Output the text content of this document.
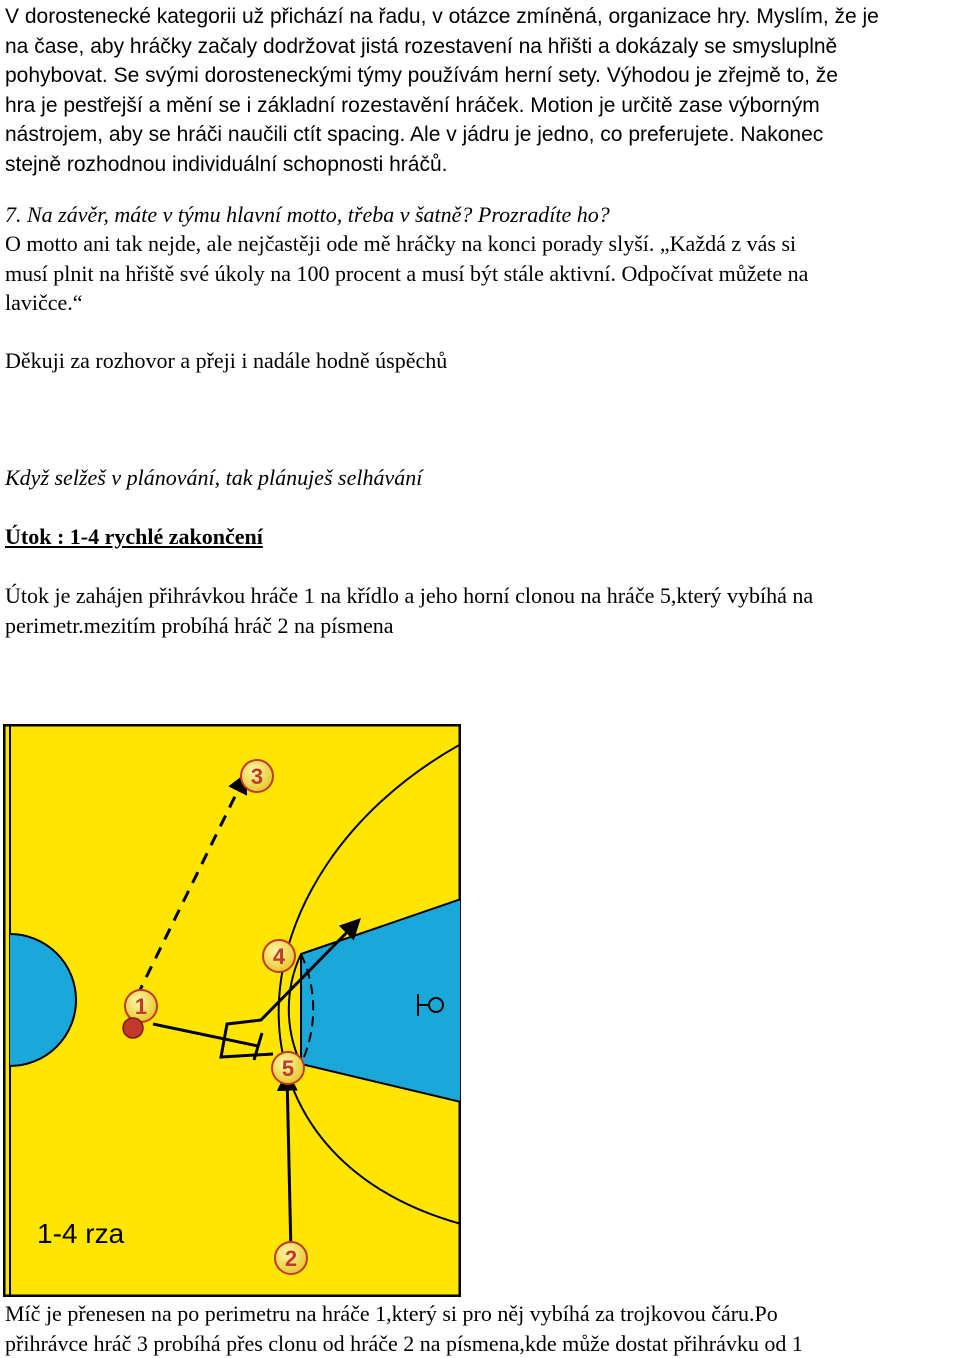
V dorostenecké kategorii už přichází na řadu, v otázce zmíněná, organizace hry. Myslím, že je
na čase, aby hráčky začaly dodržovat jistá rozestavení na hřišti a dokázaly se smysluplně
pohybovat. Se svými dorosteneckými týmy používám herní sety. Výhodou je zřejmě to, že
hra je pestřejší a mění se i základní rozestavění hráček. Motion je určitě zase výborným
nástrojem, aby se hráči naučili ctít spacing. Ale v jádru je jedno, co preferujete. Nakonec
stejně rozhodnou individuální schopnosti hráčů.
7. Na závěr, máte v týmu hlavní motto, třeba v šatně? Prozradíte ho?
O motto ani tak nejde, ale nejčastěji ode mě hráčky na konci porady slyší. „Každá z vás si
musí plnit na hřiště své úkoly na 100 procent a musí být stále aktivní. Odpočívat můžete na
lavičce.“
Děkuji za rozhovor a přeji i nadále hodně úspěchů
Když selžeš v plánování, tak plánuješ selhávání
Útok : 1-4 rychlé zakončení
Útok je zahájen přihrávkou hráče 1 na křídlo a jeho horní clonou na hráče 5,který vybíhá na
perimetr.mezitím probíhá hráč 2 na písmena
3
4
1
5
2
1-4 rza
Míč je přenesen na po perimetru na hráče 1,který si pro něj vybíhá za trojkovou čáru.Po
přihrávce hráč 3 probíhá přes clonu od hráče 2 na písmena,kde může dostat přihrávku od 1
